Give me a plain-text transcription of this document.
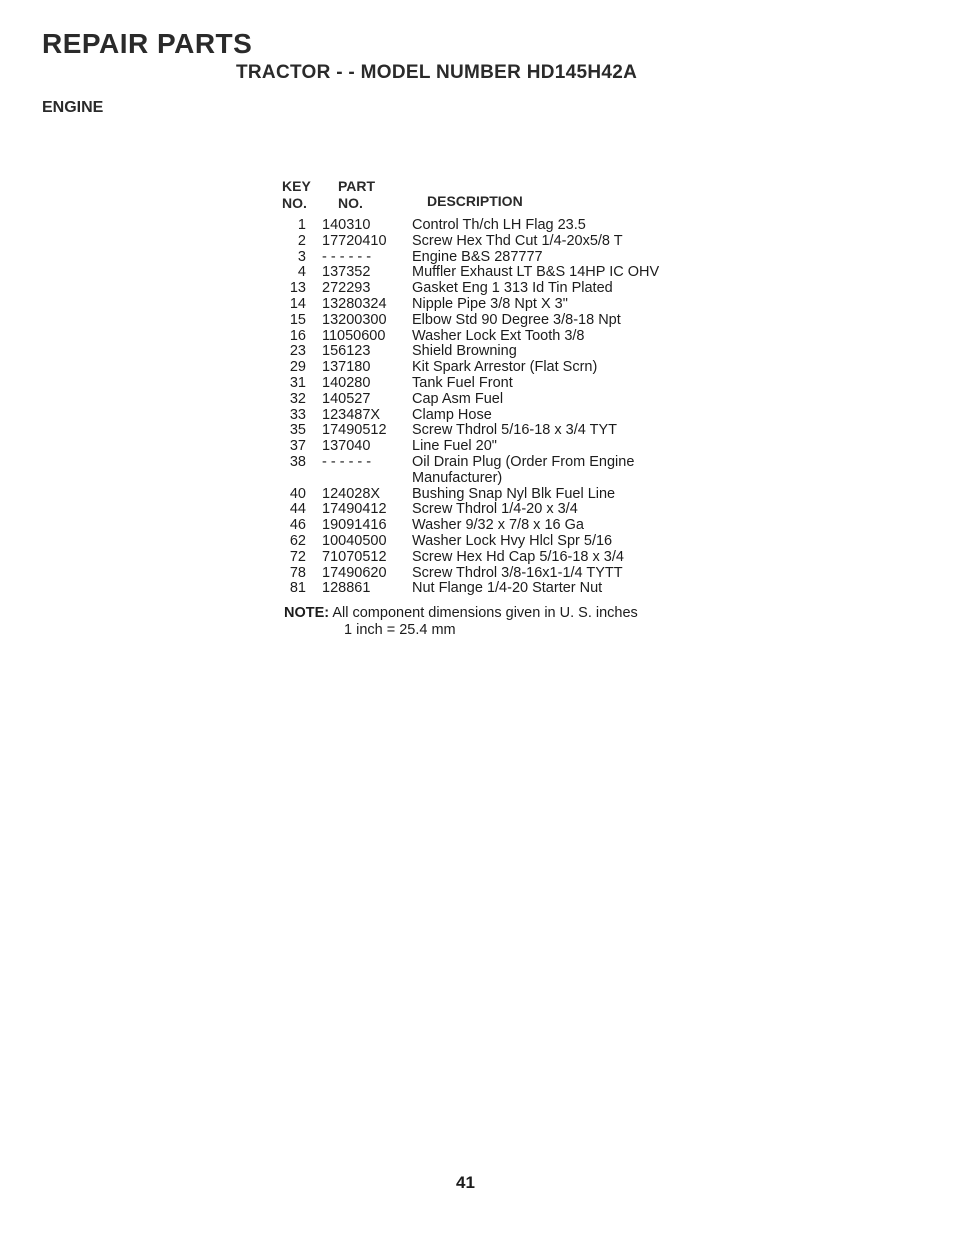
REPAIR PARTS
TRACTOR - - MODEL NUMBER HD145H42A
ENGINE
KEY
NO.
PART
NO.	DESCRIPTION
1	140310	Control Th/ch LH Flag 23.5
2	17720410	Screw Hex Thd Cut 1/4-20x5/8 T
3	- - - - - -	Engine B&S 287777
4	137352	Muffler Exhaust LT B&S 14HP IC OHV
13	272293	Gasket Eng 1 313 Id Tin Plated
14	13280324	Nipple Pipe 3/8 Npt X 3"
15	13200300	Elbow Std 90 Degree 3/8-18 Npt
16	11050600	Washer Lock Ext Tooth 3/8
23	156123	Shield Browning
29	137180	Kit Spark Arrestor (Flat Scrn)
31	140280	Tank Fuel Front
32	140527	Cap Asm Fuel
33	123487X	Clamp Hose
35	17490512	Screw Thdrol 5/16-18 x 3/4 TYT
37	137040	Line Fuel 20"
38	- - - - - -	Oil Drain Plug (Order From Engine
Manufacturer)
40	124028X	Bushing Snap Nyl Blk Fuel Line
44	17490412	Screw Thdrol 1/4-20 x 3/4
46	19091416	Washer 9/32 x 7/8 x 16 Ga
62	10040500	Washer Lock Hvy Hlcl Spr 5/16
72	71070512	Screw Hex Hd Cap 5/16-18 x 3/4
78	17490620	Screw Thdrol 3/8-16x1-1/4 TYTT
81	128861	Nut Flange 1/4-20 Starter Nut
NOTE: All component dimensions given in U. S. inches
1 inch = 25.4 mm
41
